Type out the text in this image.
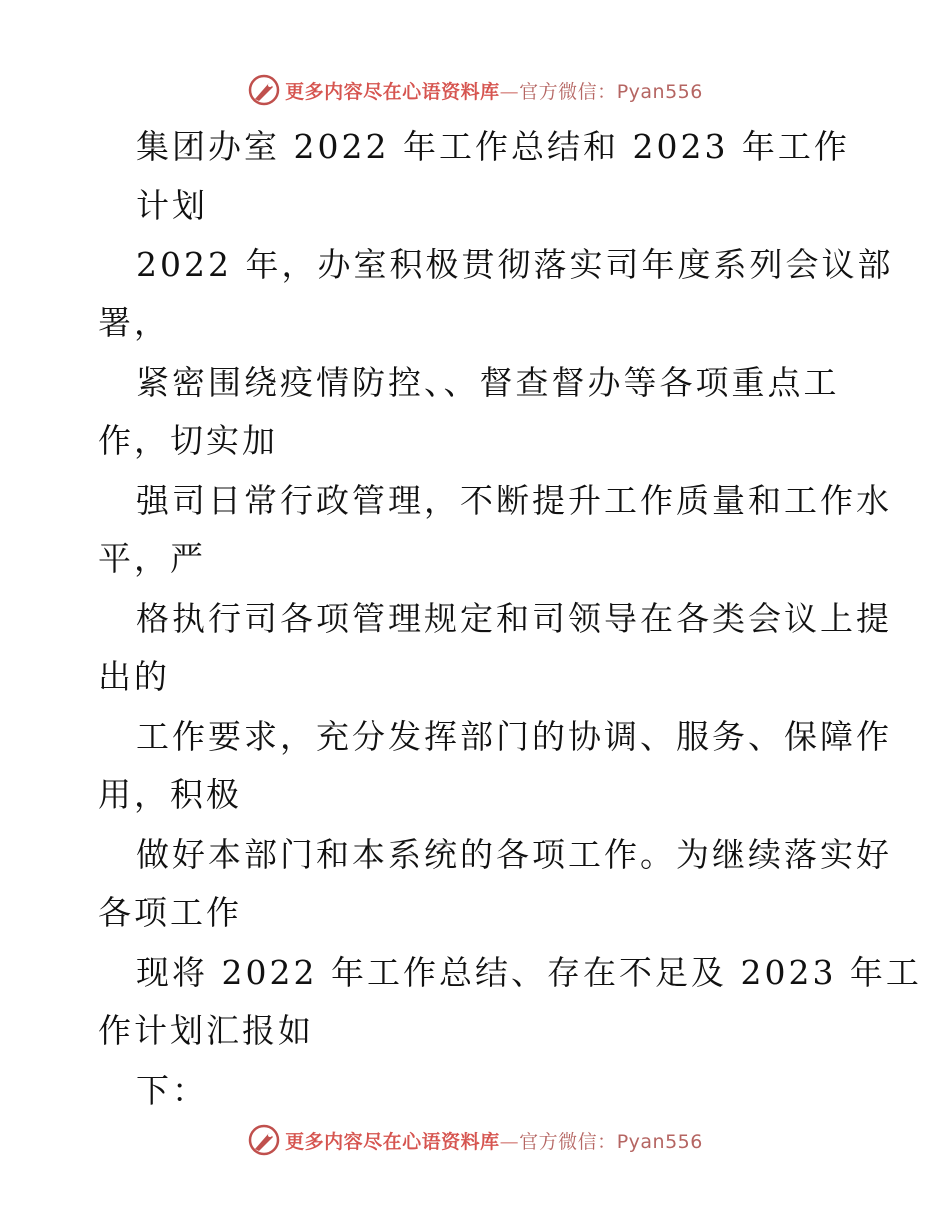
更多内容尽在心语资料库—官方微信：Pyan556
集团办室 2022 年工作总结和 2023 年工作
计划
2022 年，办室积极贯彻落实司年度系列会议部
署，
紧密围绕疫情防控、、督查督办等各项重点工
作，切实加
强司日常行政管理，不断提升工作质量和工作水
平，严
格执行司各项管理规定和司领导在各类会议上提
出的
工作要求，充分发挥部门的协调、服务、保障作
用，积极
做好本部门和本系统的各项工作。为继续落实好
各项工作
现将 2022 年工作总结、存在不足及 2023 年工
作计划汇报如
下：
更多内容尽在心语资料库—官方微信：Pyan556
